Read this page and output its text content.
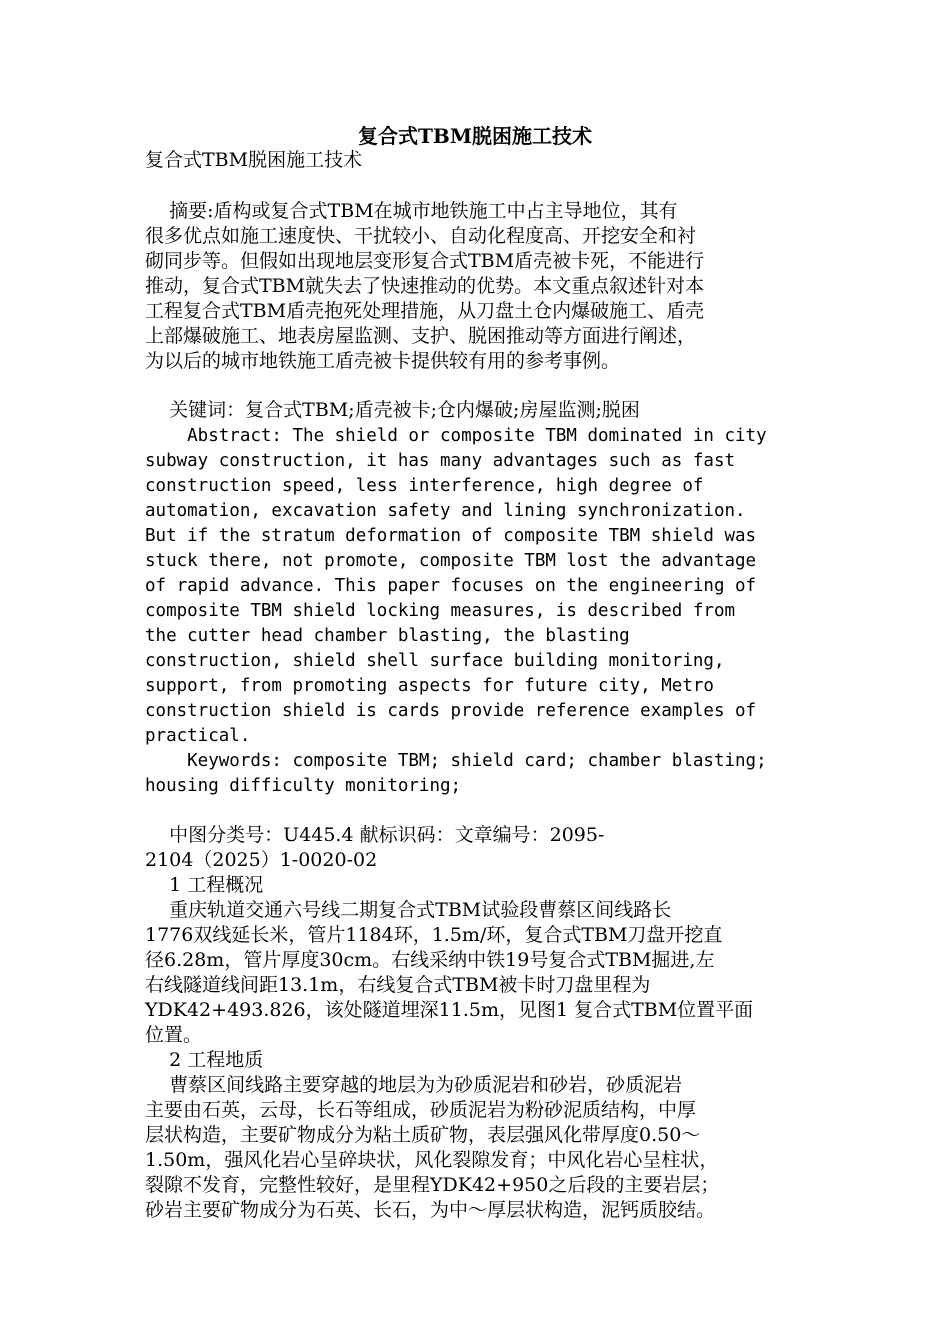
复合式TBM脱困施工技术
复合式TBM脱困施工技术
摘要:盾构或复合式TBM在城市地铁施工中占主导地位，其有
很多优点如施工速度快、干扰较小、自动化程度高、开挖安全和衬
砌同步等。但假如出现地层变形复合式TBM盾壳被卡死，不能进行
推动，复合式TBM就失去了快速推动的优势。本文重点叙述针对本
工程复合式TBM盾壳抱死处理措施，从刀盘土仓内爆破施工、盾壳
上部爆破施工、地表房屋监测、支护、脱困推动等方面进行阐述，
为以后的城市地铁施工盾壳被卡提供较有用的参考事例。
关键词：复合式TBM;盾壳被卡;仓内爆破;房屋监测;脱困
Abstract: The shield or composite TBM dominated in city
subway construction, it has many advantages such as fast
construction speed, less interference, high degree of
automation, excavation safety and lining synchronization.
But if the stratum deformation of composite TBM shield was
stuck there, not promote, composite TBM lost the advantage
of rapid advance. This paper focuses on the engineering of
composite TBM shield locking measures, is described from
the cutter head chamber blasting, the blasting
construction, shield shell surface building monitoring,
support, from promoting aspects for future city, Metro
construction shield is cards provide reference examples of
practical.
Keywords: composite TBM; shield card; chamber blasting;
housing difficulty monitoring;
中图分类号：U445.4 献标识码：文章编号：2095-
2104（2025）1-0020-02
1 工程概况
重庆轨道交通六号线二期复合式TBM试验段曹蔡区间线路长
1776双线延长米，管片1184环，1.5m/环，复合式TBM刀盘开挖直
径6.28m，管片厚度30cm。右线采纳中铁19号复合式TBM掘进,左
右线隧道线间距13.1m，右线复合式TBM被卡时刀盘里程为
YDK42+493.826，该处隧道埋深11.5m，见图1 复合式TBM位置平面
位置。
2 工程地质
曹蔡区间线路主要穿越的地层为为砂质泥岩和砂岩，砂质泥岩
主要由石英，云母，长石等组成，砂质泥岩为粉砂泥质结构，中厚
层状构造，主要矿物成分为粘土质矿物，表层强风化带厚度0.50～
1.50m，强风化岩心呈碎块状，风化裂隙发育；中风化岩心呈柱状，
裂隙不发育，完整性较好，是里程YDK42+950之后段的主要岩层；
砂岩主要矿物成分为石英、长石，为中～厚层状构造，泥钙质胶结。
